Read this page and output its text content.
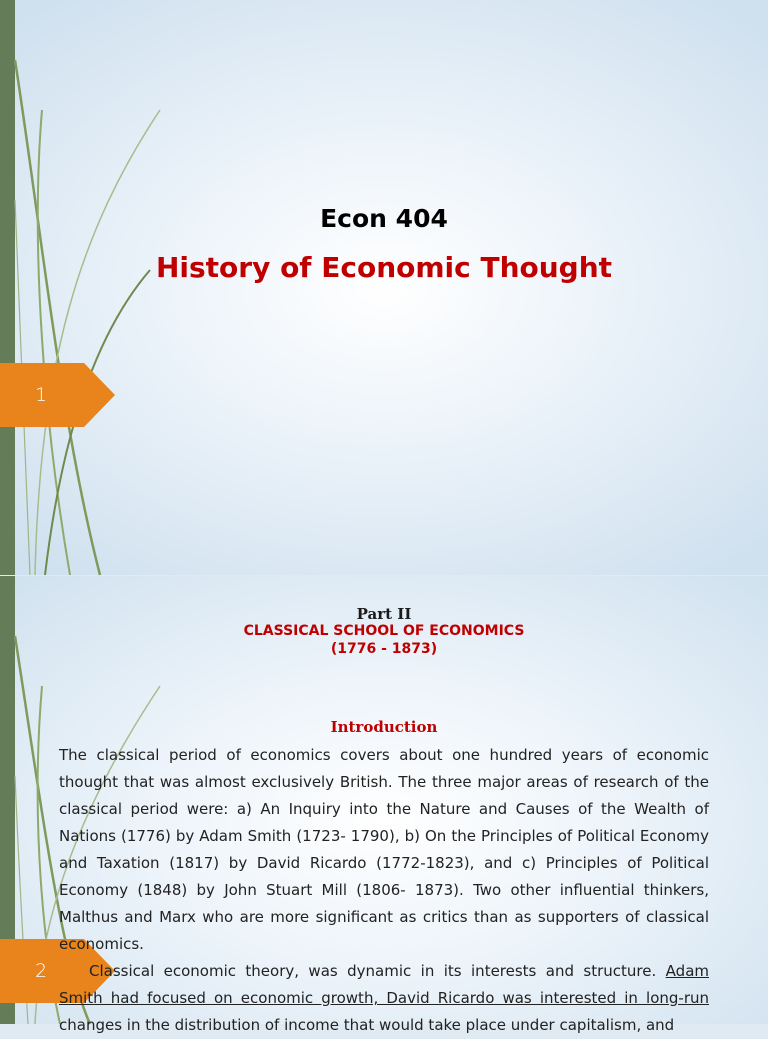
1
Econ 404
History of Economic Thought
2
Part II
CLASSICAL SCHOOL OF ECONOMICS
(1776 - 1873)
Introduction

The classical period of economics covers about one hundred years of economic thought that was almost exclusively British. The three major areas of research of the classical period were: a) An Inquiry into the Nature and Causes of the Wealth of Nations (1776) by Adam Smith (1723- 1790), b) On the Principles of Political Economy and Taxation (1817) by David Ricardo (1772-1823), and c) Principles of Political Economy (1848) by John Stuart Mill (1806- 1873). Two other influential thinkers, Malthus and Marx who are more significant as critics than as supporters of classical economics.

Classical economic theory, was dynamic in its interests and structure. Adam Smith had focused on economic growth, David Ricardo was interested in long-run changes in the distribution of income that would take place under capitalism, and
